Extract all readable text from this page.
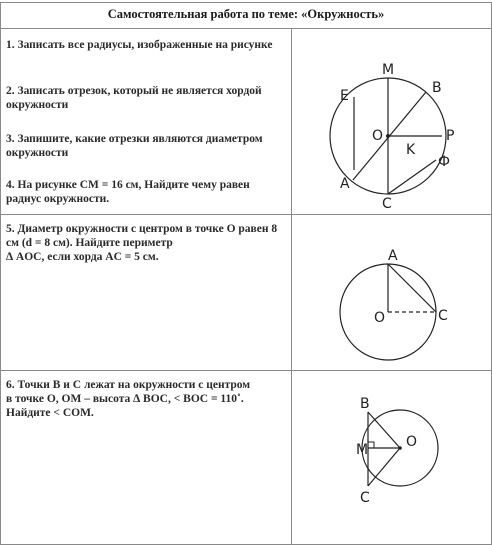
Самостоятельная работа по теме: «Окружность»
1. Записать все радиусы, изображенные на рисунке
2. Записать отрезок, который не является хордой окружности
3. Запишите, какие отрезки являются диаметром окружности
4. На рисунке CM = 16 см, Найдите чему равен радиус окружности.
5. Диаметр окружности с центром в точке O равен 8 см (d = 8 см). Найдите периметр
∆ AOC, если хорда AC = 5 см.
6. Точки B и C лежат на окружности с центром
в точке O, OM – высота ∆ BOC, < BOC = 110˚.
Найдите < COM.
M
B
E
O	P
K
Ф
A
C
A
O	C
B
M	O
C
